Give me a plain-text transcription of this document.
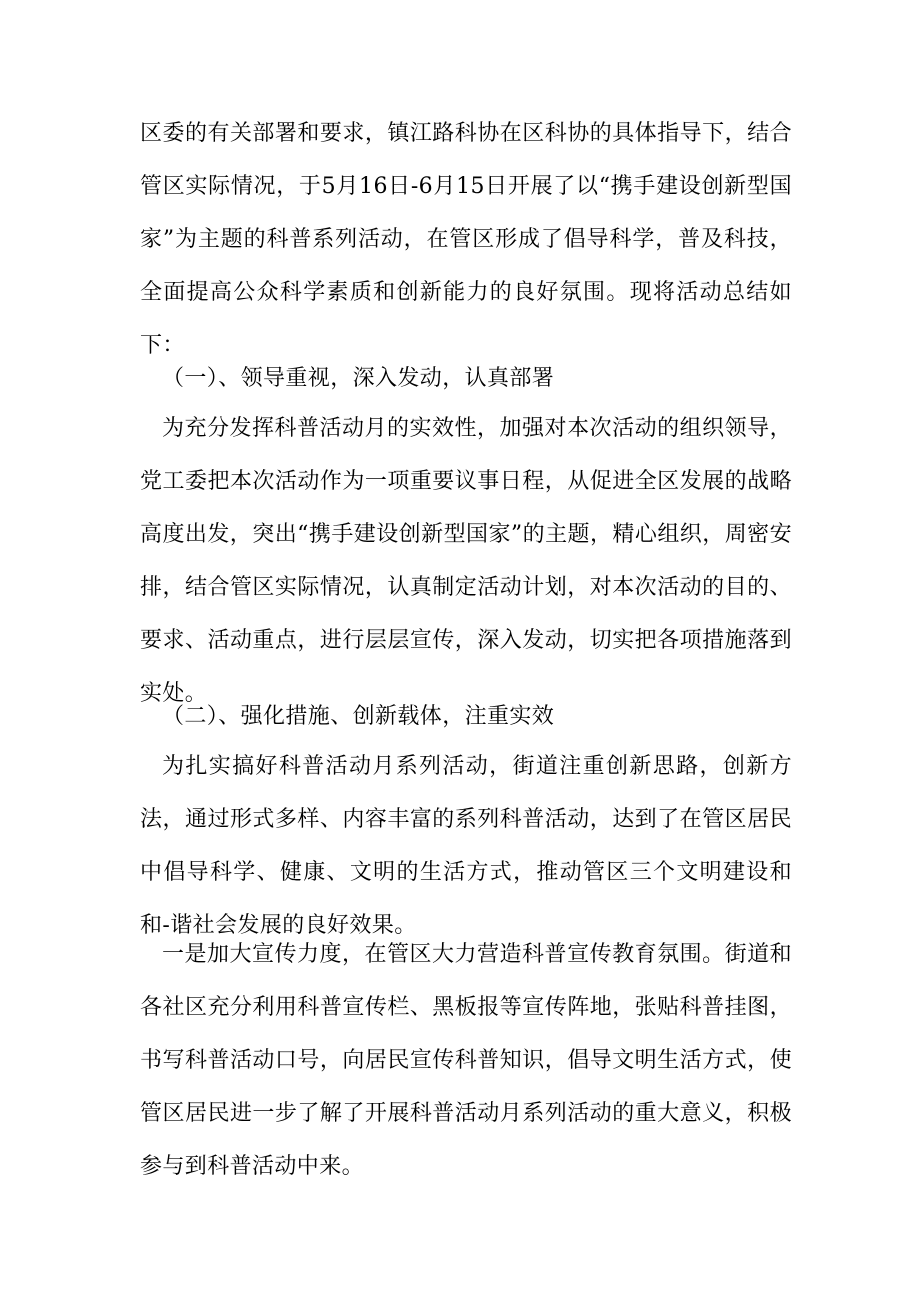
区委的有关部署和要求，镇江路科协在区科协的具体指导下，结合管区实际情况，于5月16日-6月15日开展了以“携手建设创新型国家”为主题的科普系列活动，在管区形成了倡导科学，普及科技，全面提高公众科学素质和创新能力的良好氛围。现将活动总结如下：

（一）、领导重视，深入发动，认真部署

为充分发挥科普活动月的实效性，加强对本次活动的组织领导，党工委把本次活动作为一项重要议事日程，从促进全区发展的战略高度出发，突出“携手建设创新型国家”的主题，精心组织，周密安排，结合管区实际情况，认真制定活动计划，对本次活动的目的、要求、活动重点，进行层层宣传，深入发动，切实把各项措施落到实处。

（二）、强化措施、创新载体，注重实效

为扎实搞好科普活动月系列活动，街道注重创新思路，创新方法，通过形式多样、内容丰富的系列科普活动，达到了在管区居民中倡导科学、健康、文明的生活方式，推动管区三个文明建设和和-谐社会发展的良好效果。

一是加大宣传力度，在管区大力营造科普宣传教育氛围。街道和各社区充分利用科普宣传栏、黑板报等宣传阵地，张贴科普挂图，书写科普活动口号，向居民宣传科普知识，倡导文明生活方式，使管区居民进一步了解了开展科普活动月系列活动的重大意义，积极参与到科普活动中来。
